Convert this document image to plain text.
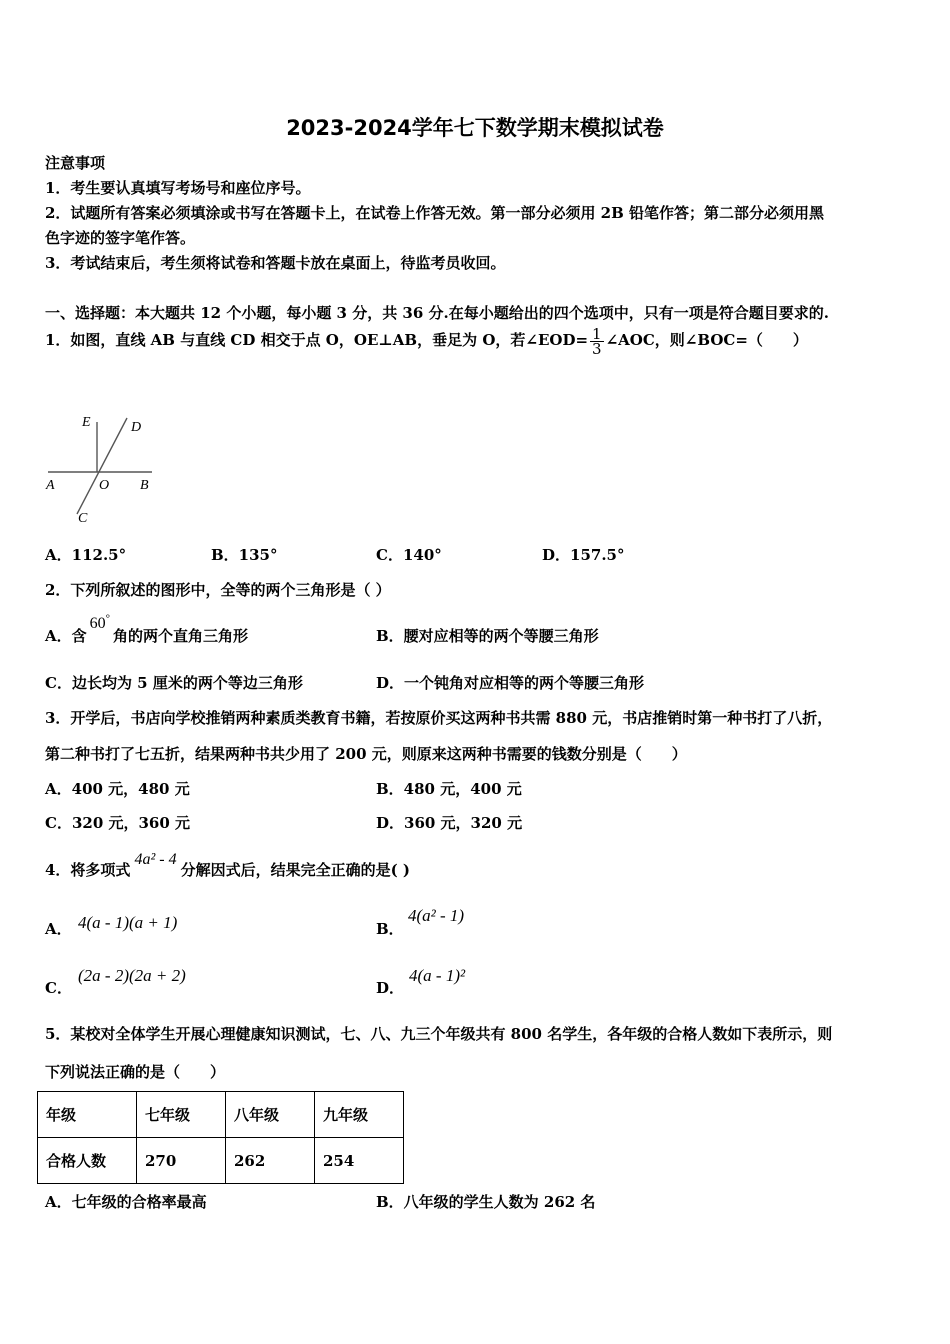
2023-2024学年七下数学期末模拟试卷
注意事项
1．考生要认真填写考场号和座位序号。
2．试题所有答案必须填涂或书写在答题卡上，在试卷上作答无效。第一部分必须用 2B 铅笔作答；第二部分必须用黑
色字迹的签字笔作答。
3．考试结束后，考生须将试卷和答题卡放在桌面上，待监考员收回。
一、选择题：本大题共 12 个小题，每小题 3 分，共 36 分.在每小题给出的四个选项中，只有一项是符合题目要求的.
1．如图，直线 AB 与直线 CD 相交于点 O，OE⊥AB，垂足为 O，若∠EOD= $\frac{1}{3}$ ∠AOC，则∠BOC=（　　）
E	D
A	O B
C
A．112.5°	B．135°	C．140°	D．157.5°
2．下列所叙述的图形中，全等的两个三角形是（ ）
A．含60°角的两个直角三角形	B．腰对应相等的两个等腰三角形
C．边长均为 5 厘米的两个等边三角形	D．一个钝角对应相等的两个等腰三角形
3．开学后，书店向学校推销两种素质类教育书籍，若按原价买这两种书共需 880 元，书店推销时第一种书打了八折，
第二种书打了七五折，结果两种书共少用了 200 元，则原来这两种书需要的钱数分别是（　　）
A．400 元，480 元	B．480 元，400 元
C．320 元，360 元	D．360 元，320 元
4．将多项式4a² - 4分解因式后，结果完全正确的是( )
A． 4(a - 1)(a + 1)	B．
4(a² - 1)
C．
(2a - 2)(2a + 2)
D．
4(a - 1)²
5．某校对全体学生开展心理健康知识测试，七、八、九三个年级共有 800 名学生，各年级的合格人数如下表所示，则
下列说法正确的是（　　）
年级	七年级	八年级	九年级
合格人数	270	262	254
A．七年级的合格率最高	B．八年级的学生人数为 262 名
